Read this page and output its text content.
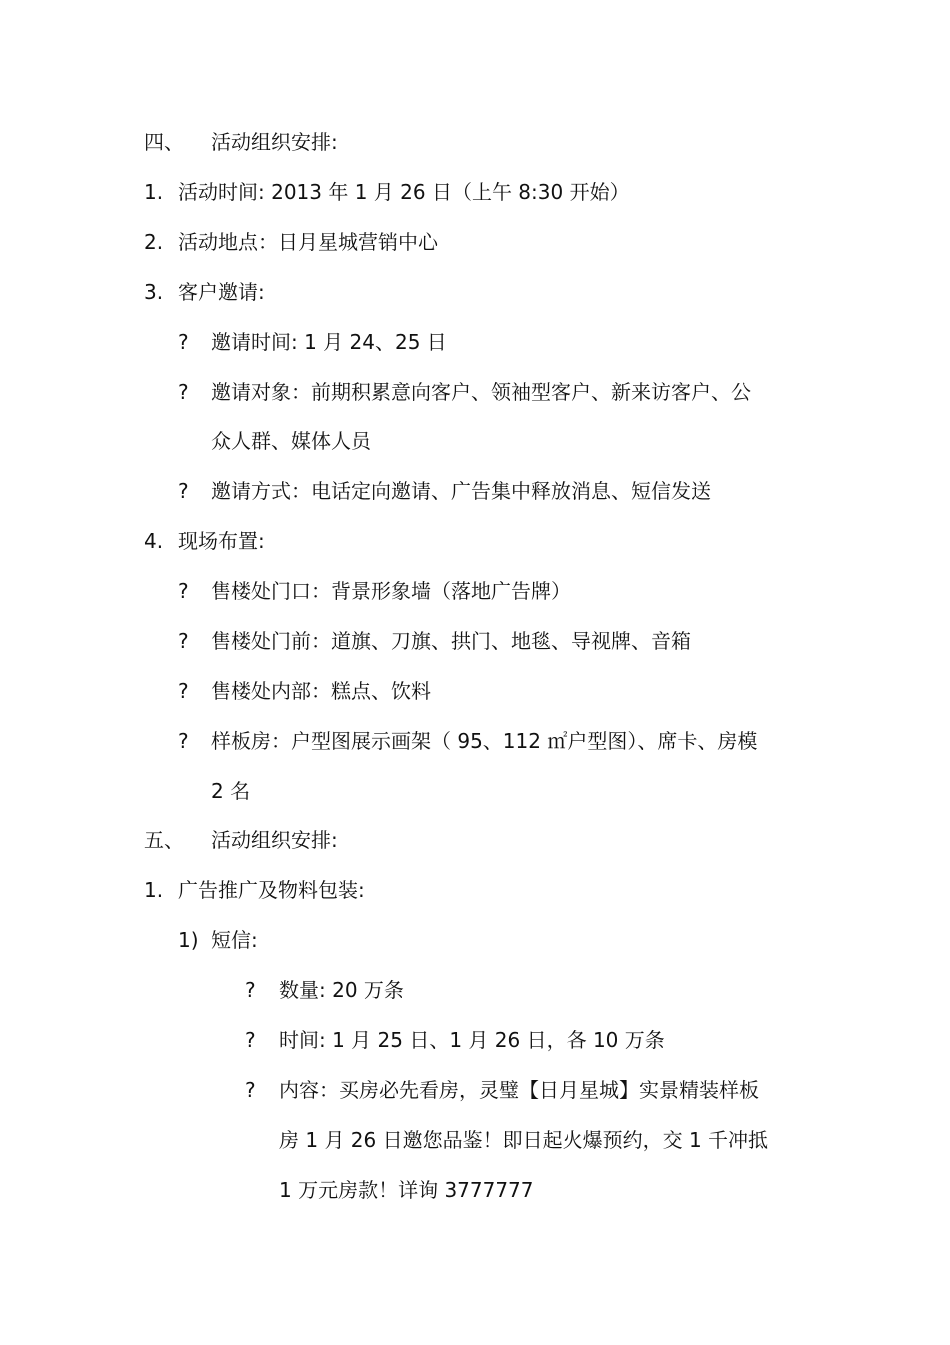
四、 活动组织安排:
1. 活动时间: 2013 年 1 月 26 日（上午 8:30 开始）
2. 活动地点：日月星城营销中心
3. 客户邀请:
? 邀请时间: 1 月 24、25 日
? 邀请对象：前期积累意向客户、领袖型客户、新来访客户、公
众人群、媒体人员
? 邀请方式：电话定向邀请、广告集中释放消息、短信发送
4. 现场布置:
? 售楼处门口：背景形象墙（落地广告牌）
? 售楼处门前：道旗、刀旗、拱门、地毯、导视牌、音箱
? 售楼处内部：糕点、饮料
? 样板房：户型图展示画架（ 95、112 ㎡户型图）、席卡、房模
2 名
五、 活动组织安排:
1. 广告推广及物料包装:
1) 短信:
? 数量: 20 万条
? 时间: 1 月 25 日、1 月 26 日，各 10 万条
? 内容：买房必先看房，灵璧【日月星城】实景精装样板
房 1 月 26 日邀您品鉴！即日起火爆预约，交 1 千冲抵
1 万元房款！详询 3777777
